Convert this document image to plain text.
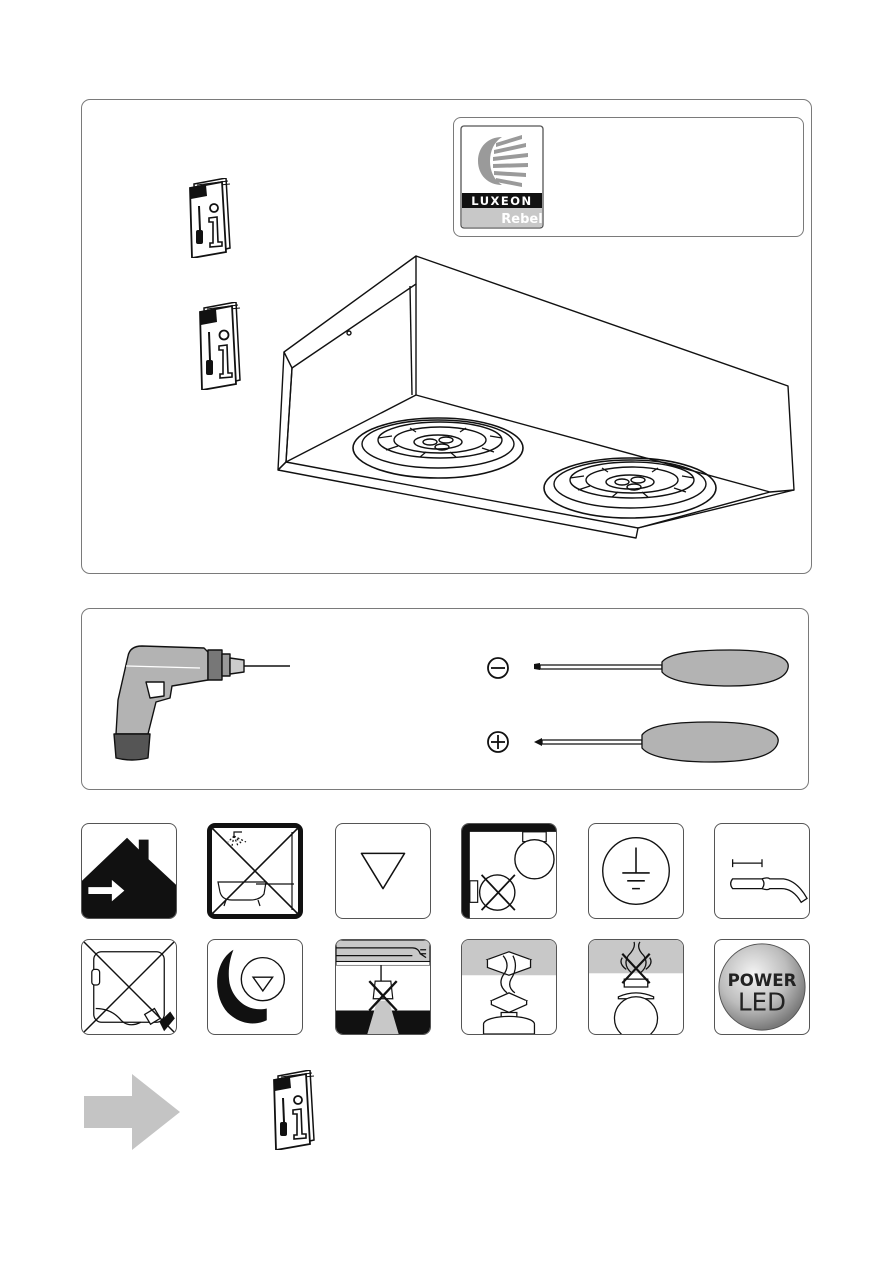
LUXEON
Rebel
POWER
LED
